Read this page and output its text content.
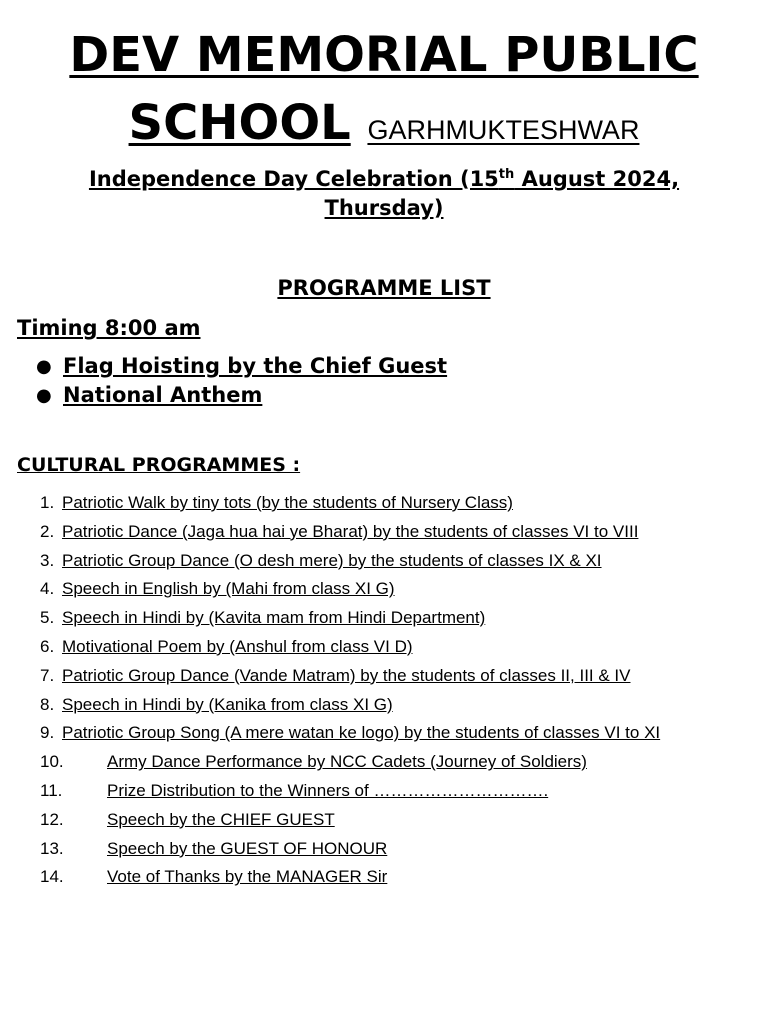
DEV MEMORIAL PUBLIC
SCHOOL GARHMUKTESHWAR

Independence Day Celebration (15th August 2024,
Thursday)

PROGRAMME LIST

Timing 8:00 am

● Flag Hoisting by the Chief Guest
● National Anthem

CULTURAL PROGRAMMES :

1. Patriotic Walk by tiny tots (by the students of Nursery Class)
2. Patriotic Dance (Jaga hua hai ye Bharat) by the students of classes VI to VIII
3. Patriotic Group Dance (O desh mere) by the students of classes IX & XI
4. Speech in English by (Mahi from class XI G)
5. Speech in Hindi by (Kavita mam from Hindi Department)
6. Motivational Poem by (Anshul from class VI D)
7. Patriotic Group Dance (Vande Matram) by the students of classes II, III & IV
8. Speech in Hindi by (Kanika from class XI G)
9. Patriotic Group Song (A mere watan ke logo) by the students of classes VI to XI
10.	Army Dance Performance by NCC Cadets (Journey of Soldiers)
11.	Prize Distribution to the Winners of ………………………….
12.	Speech by the CHIEF GUEST
13.	Speech by the GUEST OF HONOUR
14.	Vote of Thanks by the MANAGER Sir
